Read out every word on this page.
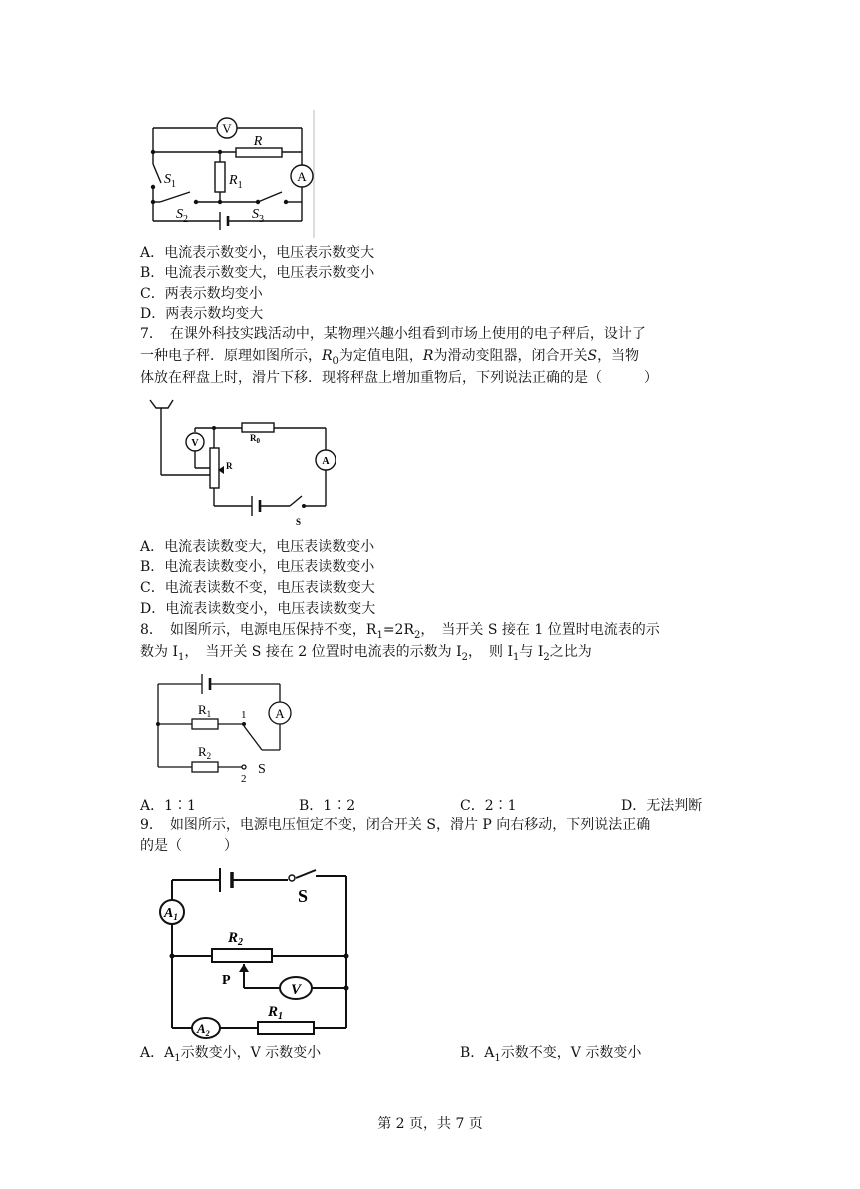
V
R
A
$S_1$	$R_1$
$S_2$	$S_3$
A．电流表示数变小，电压表示数变大
B．电流表示数变大，电压表示数变小
C．两表示数均变小
D．两表示数均变大
7．　在课外科技实践活动中，某物理兴趣小组看到市场上使用的电子秤后，设计了
一种电子秤．原理如图所示，$R_0$为定值电阻，R为滑动变阻器，闭合开关S，当物
体放在秤盘上时，滑片下移．现将秤盘上增加重物后，下列说法正确的是（　　　）
V	$R_0$
R	A
S
A．电流表读数变大，电压表读数变小
B．电流表读数变小，电压表读数变小
C．电流表读数不变，电压表读数变大
D．电流表读数变小，电压表读数变大
8．　如图所示，电源电压保持不变，$R_1=2R_2$，　当开关 S 接在 1 位置时电流表的示
数为 $I_1$，　当开关 S 接在 2 位置时电流表的示数为 $I_2$，　则 $I_1$与 $I_2$之比为
$R_1$
$R_2$
A
1
2
S
A．1∶1	B．1∶2	C．2∶1	D．无法判断
9．　如图所示，电源电压恒定不变，闭合开关 S，滑片 P 向右移动，下列说法正确
的是（　　　）
$A_1$
$R_2$
P
V
S
$A_2$
$R_1$
A．$A_1$示数变小，V 示数变小	B．$A_1$示数不变，V 示数变小
第 2 页，共 7 页
